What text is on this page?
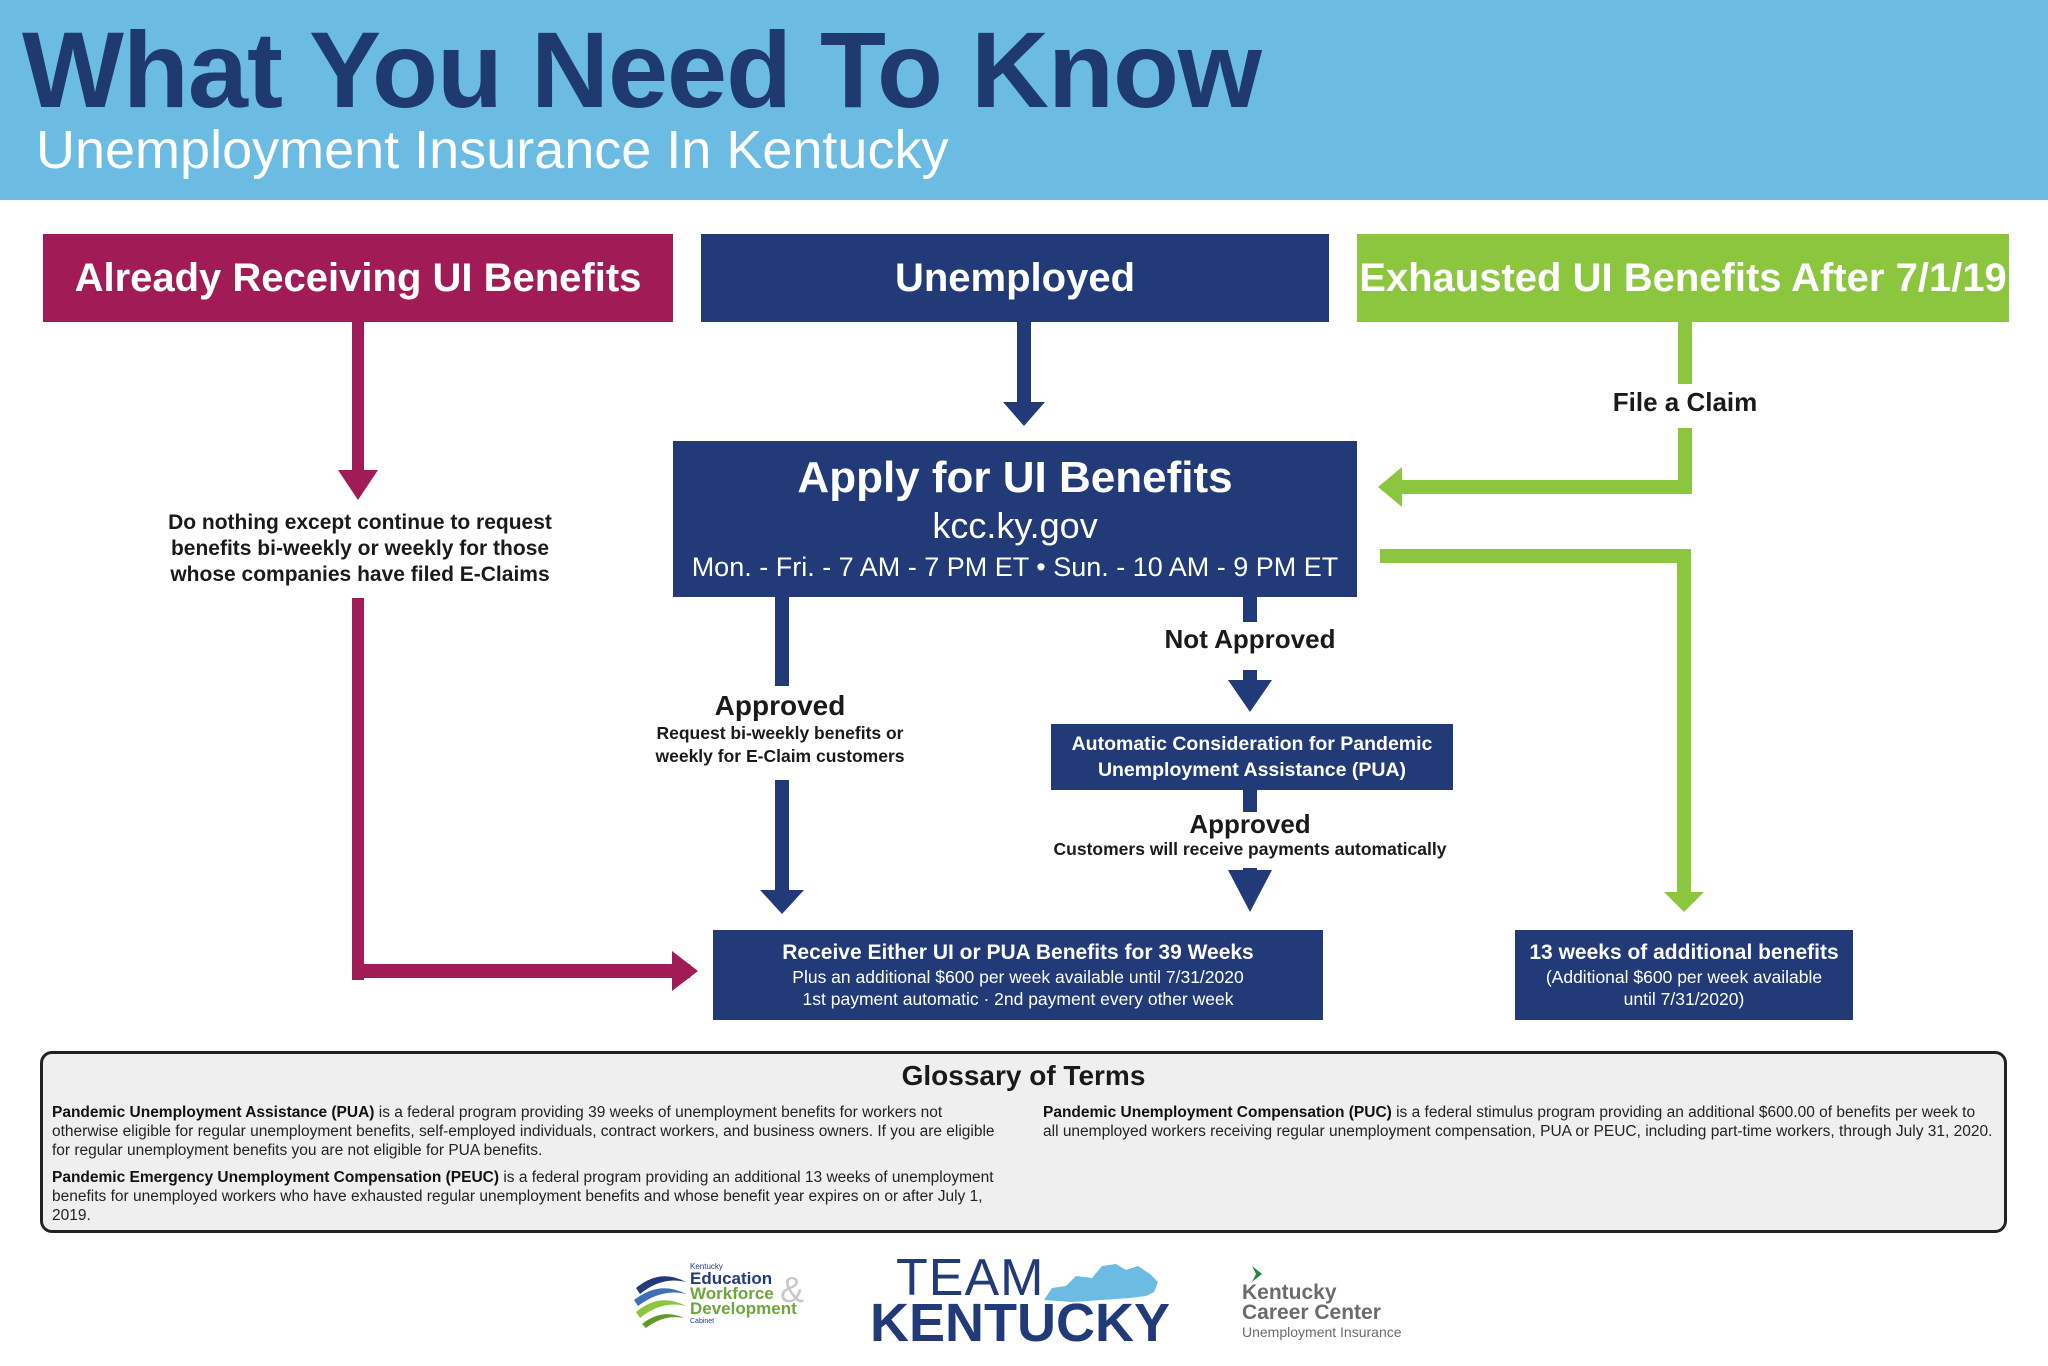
What You Need To Know
Unemployment Insurance In Kentucky
Already Receiving UI Benefits	Unemployed	Exhausted UI Benefits After 7/1/19
Do nothing except continue to request
benefits bi-weekly or weekly for those
whose companies have filed E-Claims
File a Claim
Apply for UI Benefits
kcc.ky.gov
Mon. - Fri. - 7 AM - 7 PM ET • Sun. - 10 AM - 9 PM ET
Approved
Request bi-weekly benefits or
weekly for E-Claim customers
Not Approved
Automatic Consideration for Pandemic
Unemployment Assistance (PUA)
Approved
Customers will receive payments automatically
Receive Either UI or PUA Benefits for 39 Weeks
Plus an additional $600 per week available until 7/31/2020
1st payment automatic · 2nd payment every other week
13 weeks of additional benefits
(Additional $600 per week available
until 7/31/2020)
Glossary of Terms

Pandemic Unemployment Assistance (PUA) is a federal program providing 39 weeks of unemployment benefits for workers not otherwise eligible for regular unemployment benefits, self-employed individuals, contract workers, and business owners. If you are eligible for regular unemployment benefits you are not eligible for PUA benefits.

Pandemic Emergency Unemployment Compensation (PEUC) is a federal program providing an additional 13 weeks of unemployment benefits for unemployed workers who have exhausted regular unemployment benefits and whose benefit year expires on or after July 1, 2019.

Pandemic Unemployment Compensation (PUC) is a federal stimulus program providing an additional $600.00 of benefits per week to all unemployed workers receiving regular unemployment compensation, PUA or PEUC, including part-time workers, through July 31, 2020.

Kentucky
Education
Workforce
Development
Cabinet
& TEAM
KENTUCKY
Kentucky
Career Center
Unemployment Insurance
